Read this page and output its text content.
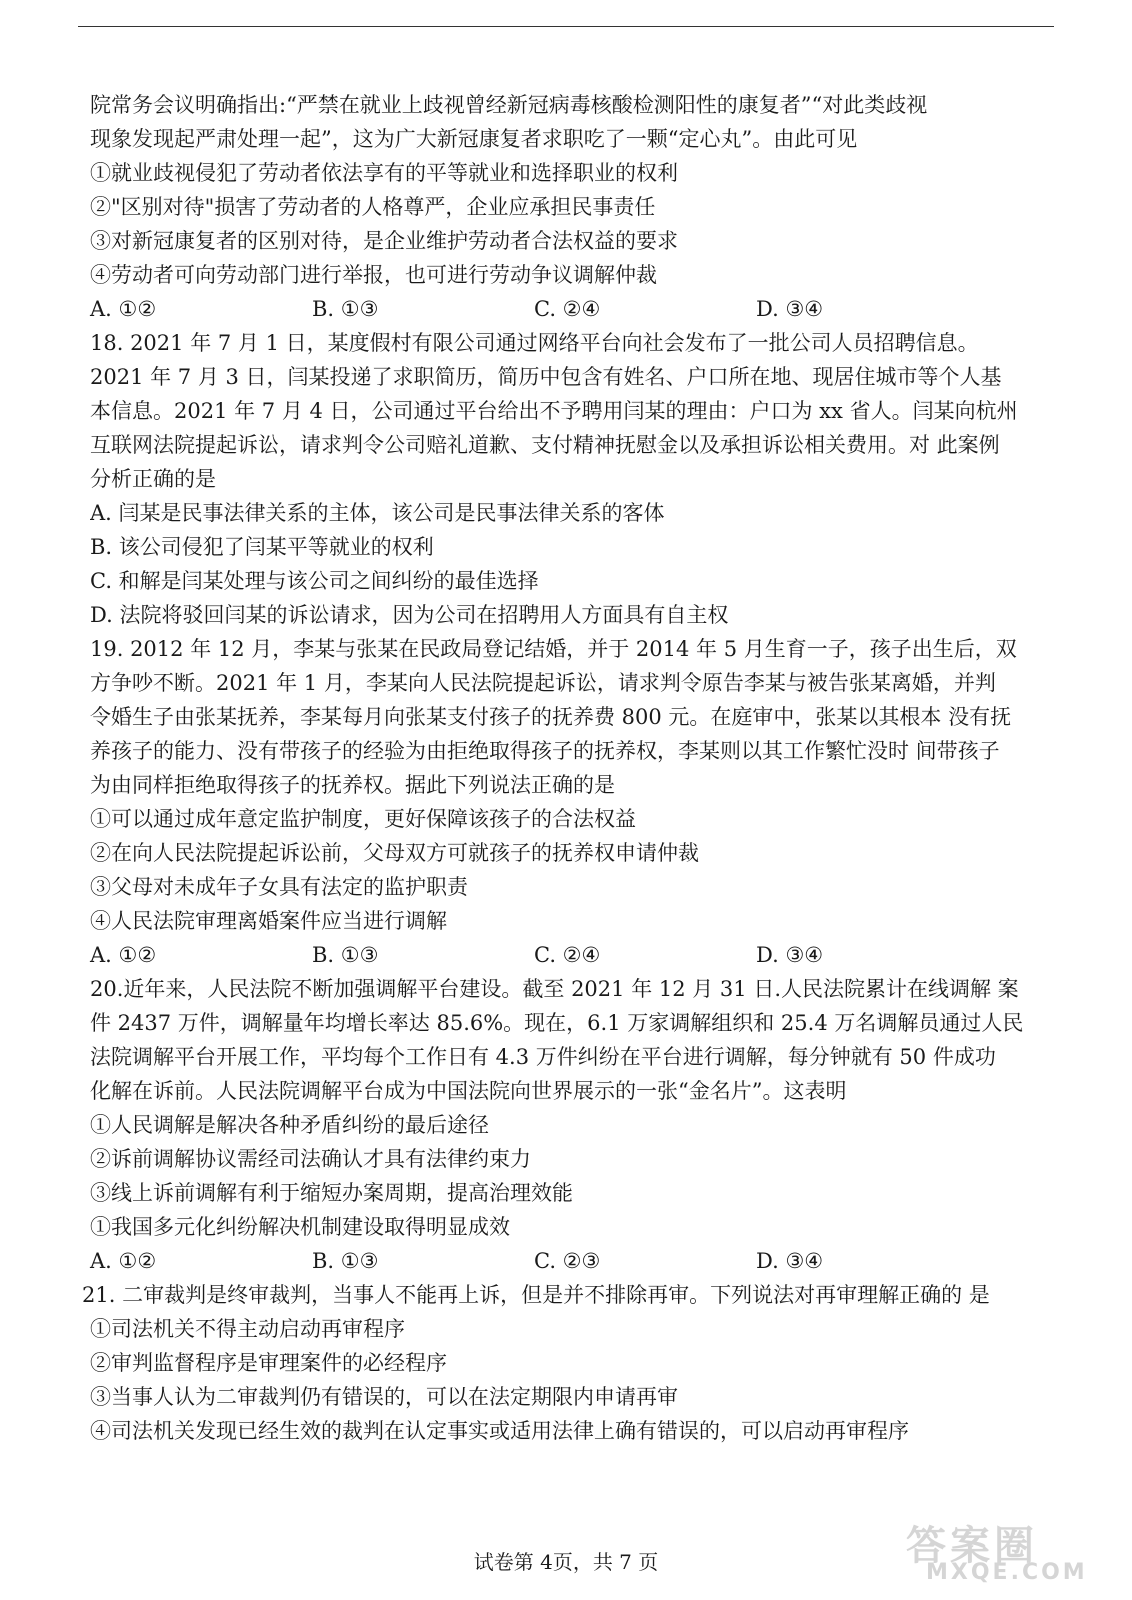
院常务会议明确指出:“严禁在就业上歧视曾经新冠病毒核酸检测阳性的康复者”“对此类歧视
现象发现起严肃处理一起”，这为广大新冠康复者求职吃了一颗“定心丸”。由此可见
①就业歧视侵犯了劳动者依法享有的平等就业和选择职业的权利
②"区别对待"损害了劳动者的人格尊严，企业应承担民事责任
③对新冠康复者的区别对待，是企业维护劳动者合法权益的要求
④劳动者可向劳动部门进行举报，也可进行劳动争议调解仲裁
A. ①②	B. ①③	C. ②④	D. ③④
18. 2021 年 7 月 1 日，某度假村有限公司通过网络平台向社会发布了一批公司人员招聘信息。
2021 年 7 月 3 日，闫某投递了求职简历，简历中包含有姓名、户口所在地、现居住城市等个人基
本信息。2021 年 7 月 4 日，公司通过平台给出不予聘用闫某的理由：户口为 xx 省人。闫某向杭州
互联网法院提起诉讼，请求判令公司赔礼道歉、支付精神抚慰金以及承担诉讼相关费用。对 此案例
分析正确的是
A. 闫某是民事法律关系的主体，该公司是民事法律关系的客体
B. 该公司侵犯了闫某平等就业的权利
C. 和解是闫某处理与该公司之间纠纷的最佳选择
D. 法院将驳回闫某的诉讼请求，因为公司在招聘用人方面具有自主权
19. 2012 年 12 月，李某与张某在民政局登记结婚，并于 2014 年 5 月生育一子，孩子出生后，双
方争吵不断。2021 年 1 月，李某向人民法院提起诉讼，请求判令原告李某与被告张某离婚，并判
令婚生子由张某抚养，李某每月向张某支付孩子的抚养费 800 元。在庭审中，张某以其根本 没有抚
养孩子的能力、没有带孩子的经验为由拒绝取得孩子的抚养权，李某则以其工作繁忙没时 间带孩子
为由同样拒绝取得孩子的抚养权。据此下列说法正确的是
①可以通过成年意定监护制度，更好保障该孩子的合法权益
②在向人民法院提起诉讼前，父母双方可就孩子的抚养权申请仲裁
③父母对未成年子女具有法定的监护职责
④人民法院审理离婚案件应当进行调解
A. ①②	B. ①③	C. ②④	D. ③④
20.近年来，人民法院不断加强调解平台建设。截至 2021 年 12 月 31 日.人民法院累计在线调解 案
件 2437 万件，调解量年均增长率达 85.6%。现在，6.1 万家调解组织和 25.4 万名调解员通过人民
法院调解平台开展工作，平均每个工作日有 4.3 万件纠纷在平台进行调解，每分钟就有 50 件成功
化解在诉前。人民法院调解平台成为中国法院向世界展示的一张“金名片”。这表明
①人民调解是解决各种矛盾纠纷的最后途径
②诉前调解协议需经司法确认才具有法律约束力
③线上诉前调解有利于缩短办案周期，提高治理效能
①我国多元化纠纷解决机制建设取得明显成效
A. ①②	B. ①③	C. ②③	D. ③④
21. 二审裁判是终审裁判，当事人不能再上诉，但是并不排除再审。下列说法对再审理解正确的 是
①司法机关不得主动启动再审程序
②审判监督程序是审理案件的必经程序
③当事人认为二审裁判仍有错误的，可以在法定期限内申请再审
④司法机关发现已经生效的裁判在认定事实或适用法律上确有错误的，可以启动再审程序
试卷第 4页，共 7 页	答案圈
MXQE.COM
